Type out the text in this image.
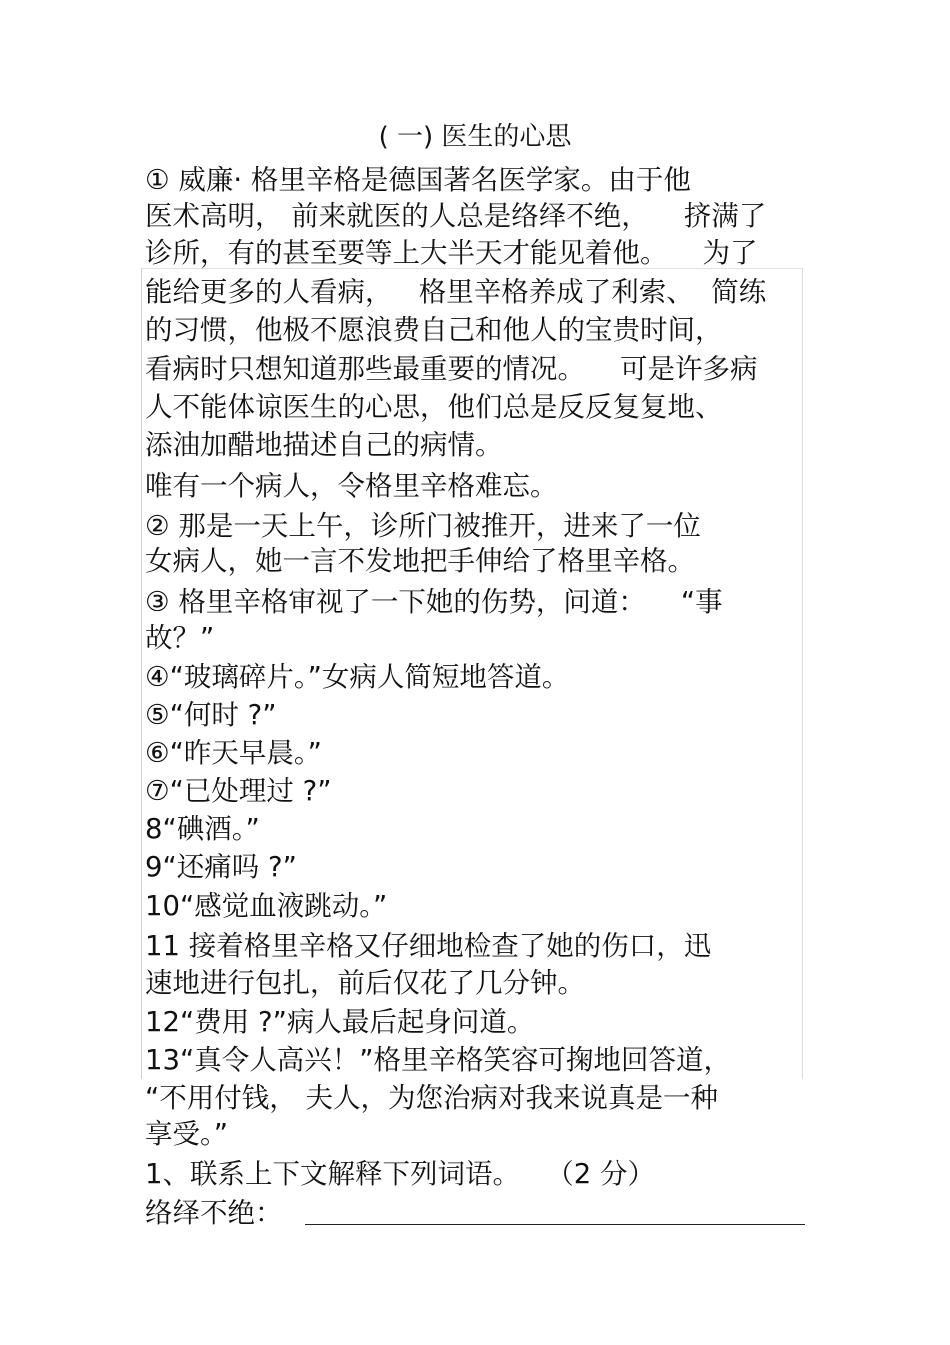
( 一) 医生的心思
① 威廉· 格里辛格是德国著名医学家。由于他
医术高明， 前来就医的人总是络绎不绝，    挤满了
诊所，有的甚至要等上大半天才能见着他。    为了
能给更多的人看病，   格里辛格养成了利索、  简练
的习惯，他极不愿浪费自己和他人的宝贵时间，
看病时只想知道那些最重要的情况。    可是许多病
人不能体谅医生的心思，他们总是反反复复地、
添油加醋地描述自己的病情。
唯有一个病人，令格里辛格难忘。
② 那是一天上午，诊所门被推开，进来了一位
女病人，她一言不发地把手伸给了格里辛格。
③ 格里辛格审视了一下她的伤势，问道：    “事
故？”
④“玻璃碎片。”女病人简短地答道。
⑤“何时 ?”
⑥“昨天早晨。”
⑦“已处理过 ?”
8“碘酒。”
9“还痛吗 ?”
10“感觉血液跳动。”
11 接着格里辛格又仔细地检查了她的伤口，迅
速地进行包扎，前后仅花了几分钟。
12“费用 ?”病人最后起身问道。
13“真令人高兴！”格里辛格笑容可掬地回答道，
“不用付钱， 夫人，为您治病对我来说真是一种
享受。”
1、联系上下文解释下列词语。   （2 分）
络绎不绝：
